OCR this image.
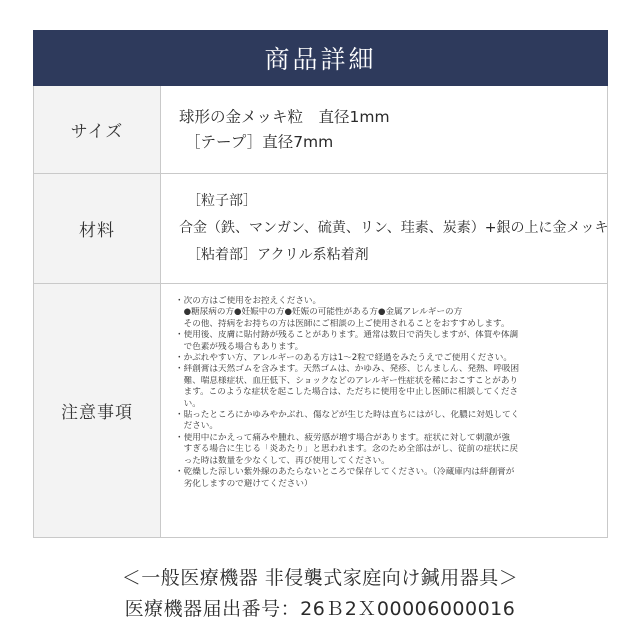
商品詳細
サイズ
球形の金メッキ粒　直径1mm
［テープ］直径7mm
材料
［粒子部］
合金（鉄、マンガン、硫黄、リン、珪素、炭素）+銀の上に金メッキ
［粘着部］アクリル系粘着剤
注意事項
・次の方はご使用をお控えください。
　●糖尿病の方●妊娠中の方●妊娠の可能性がある方●金属アレルギーの方
　その他、持病をお持ちの方は医師にご相談の上ご使用されることをおすすめします。
・使用後、皮膚に貼付跡が残ることがあります。通常は数日で消失しますが、体質や体調
　で色素が残る場合もあります。
・かぶれやすい方、アレルギーのある方は1〜2粒で経過をみたうえでご使用ください。
・絆創膏は天然ゴムを含みます。天然ゴムは、かゆみ、発疹、じんましん、発熱、呼吸困
　難、喘息様症状、血圧低下、ショックなどのアレルギー性症状を稀におこすことがあり
　ます。このような症状を起こした場合は、ただちに使用を中止し医師に相談してくださ
　い。
・貼ったところにかゆみやかぶれ、傷などが生じた時は直ちにはがし、化膿に対処してく
　ださい。
・使用中にかえって痛みや腫れ、疲労感が増す場合があります。症状に対して刺激が強
　すぎる場合に生じる「炎あたり」と思われます。念のため全部はがし、従前の症状に戻
　った時は数量を少なくして、再び使用してください。
・乾燥した涼しい紫外線のあたらないところで保存してください。（冷蔵庫内は絆創膏が
　劣化しますので避けてください）
＜一般医療機器 非侵襲式家庭向け鍼用器具＞
医療機器届出番号：26Ｂ2Ｘ00006000016
